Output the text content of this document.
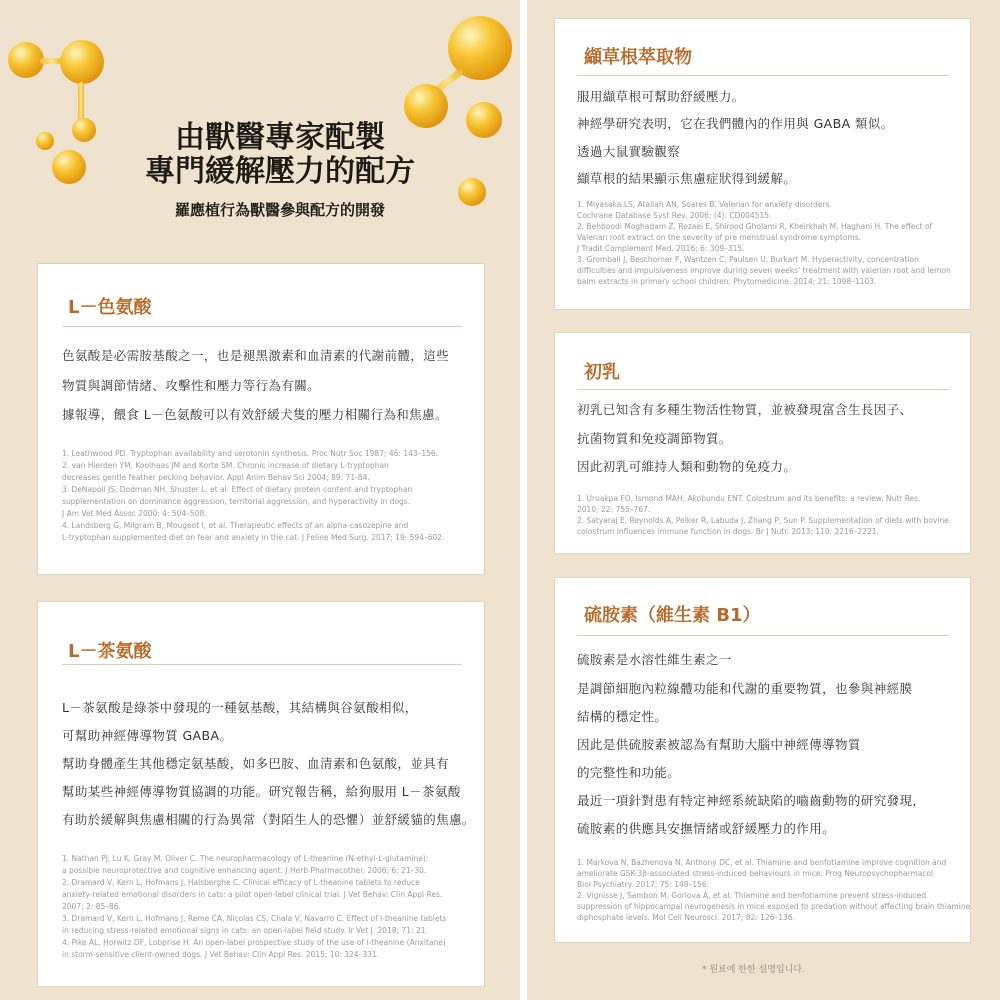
由獸醫專家配製
專門緩解壓力的配方
羅應植行為獸醫參與配方的開發
L－色氨酸
色氨酸是必需胺基酸之一，也是褪黑激素和血清素的代謝前體，這些
物質與調節情緒、攻擊性和壓力等行為有關。
據報導，餵食 L－色氨酸可以有效舒緩犬隻的壓力相關行為和焦慮。
1. Leathwood PD. Tryptophan availability and serotonin synthesis. Proc Nutr Soc 1987; 46: 143–156.
2. van Hierden YM, Koolhaas JM and Korte SM. Chronic increase of dietary L-tryptophan
decreases gentle feather pecking behavior. Appl Anim Behav Sci 2004; 89: 71-84.
3. DeNapoli JS, Dodman NH, Shuster L, et al. Effect of dietary protein content and tryptophan
supplementation on dominance aggression, territorial aggression, and hyperactivity in dogs.
J Am Vet Med Assoc 2000; 4: 504–508.
4. Landsberg G, Milgram B, Mougeot I, et al. Therapeutic effects of an alpha-casozepine and
L-tryptophan supplemented diet on fear and anxiety in the cat. J Feline Med Surg. 2017; 19: 594–602.
L－茶氨酸
L－茶氨酸是綠茶中發現的一種氨基酸，其結構與谷氨酸相似，
可幫助神經傳導物質 GABA。
幫助身體產生其他穩定氨基酸，如多巴胺、血清素和色氨酸，並具有
幫助某些神經傳導物質協調的功能。研究報告稱，給狗服用 L－茶氨酸
有助於緩解與焦慮相關的行為異常（對陌生人的恐懼）並舒緩貓的焦慮。
1. Nathan PJ, Lu K, Gray M, Oliver C. The neuropharmacology of L-theanine (N-ethyl-L-glutamine):
a possible neuroprotective and cognitive enhancing agent. J Herb Pharmacother. 2006; 6: 21–30.
2. Dramard V, Kern L, Hofmans J, Halsberghe C. Clinical efficacy of L-theanine tablets to reduce
anxiety-related emotional disorders in cats: a pilot open-label clinical trial. J Vet Behav: Clin Appl Res.
2007; 2: 85–86.
3. Dramard V, Kern L, Hofmans J, Reme CA, Nicolas CS, Chala V, Navarro C. Effect of l-theanine tablets
in reducing stress-related emotional signs in cats: an open-label field study. Ir Vet J. 2018; 71: 21.
4. Pike AL, Horwitz DF, Lobprise H. An open-label prospective study of the use of l-theanine (Anxitane)
in storm-sensitive client-owned dogs. J Vet Behav: Clin Appl Res. 2015; 10: 324–331.
纈草根萃取物
服用纈草根可幫助舒緩壓力。
神經學研究表明，它在我們體內的作用與 GABA 類似。
透過大鼠實驗觀察
纈草根的結果顯示焦慮症狀得到緩解。
1. Miyasaka LS, Atallah AN, Soares B. Valerian for anxiety disorders.
Cochrane Database Syst Rev. 2006; (4): CD004515.
2. Behboodi Moghadam Z, Rezaei E, Shirood Gholami R, Kheirkhah M, Haghani H. The effect of
Valerian root extract on the severity of pre menstrual syndrome symptoms.
J Tradit Complement Med. 2016; 6: 309–315.
3. Gromball J, Beschorner F, Wantzen C, Paulsen U, Burkart M. Hyperactivity, concentration
difficulties and impulsiveness improve during seven weeks' treatment with valerian root and lemon
balm extracts in primary school children. Phytomedicine. 2014; 21: 1098–1103.
初乳
初乳已知含有多種生物活性物質，並被發現富含生長因子、
抗菌物質和免疫調節物質。
因此初乳可維持人類和動物的免疫力。
1. Uruakpa FO, Ismond MAH, Akobundu ENT. Colostrum and its benefits: a review. Nutr Res.
2010; 22: 755–767.
2. Satyaraj E, Reynolds A, Pelker R, Labuda J, Zhang P, Sun P. Supplementation of diets with bovine
colostrum influences immune function in dogs. Br J Nutr. 2013; 110: 2216–2221.
硫胺素（維生素 B1）
硫胺素是水溶性維生素之一
是調節細胞內粒線體功能和代謝的重要物質，也參與神經膜
結構的穩定性。
因此是供硫胺素被認為有幫助大腦中神經傳導物質
的完整性和功能。
最近一項針對患有特定神經系統缺陷的嚙齒動物的研究發現，
硫胺素的供應具安撫情緒或舒緩壓力的作用。
1. Markova N, Bazhenova N, Anthony DC, et al. Thiamine and benfotiamine improve cognition and
ameliorate GSK-3β-associated stress-induced behaviours in mice. Prog Neuropsychopharmacol
Biol Psychiatry. 2017; 75: 148–156.
2. Vignisse J, Sambon M, Gorlova A, et al. Thiamine and benfotiamine prevent stress-induced
suppression of hippocampal neurogenesis in mice exposed to predation without affecting brain thiamine
diphosphate levels. Mol Cell Neurosci. 2017; 82: 126–136.
* 원료에 한한 설명입니다.
